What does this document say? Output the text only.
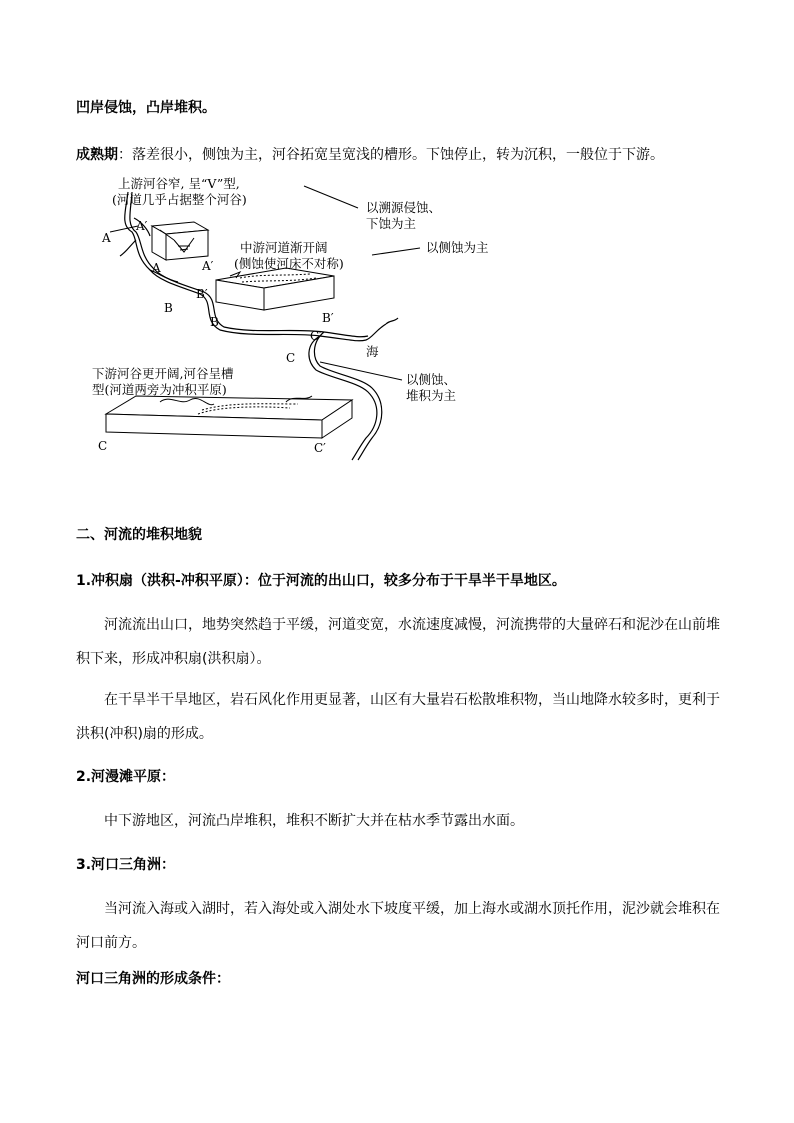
凹岸侵蚀，凸岸堆积。
成熟期：落差很小，侧蚀为主，河谷拓宽呈宽浅的槽形。下蚀停止，转为沉积，一般位于下游。
上游河谷窄, 呈“V”型,
(河道几乎占据整个河谷)
以溯源侵蚀、
下蚀为主
中游河道渐开阔
(侧蚀使河床不对称)
以侧蚀为主
下游河谷更开阔,河谷呈槽
型(河道两旁为冲积平原)
以侧蚀、
堆积为主
海
A
A′
A	A′
B′
B
B	B′
C′
C
C	C′
二、河流的堆积地貌
1.冲积扇（洪积-冲积平原）：位于河流的出山口，较多分布于干旱半干旱地区。
河流流出山口，地势突然趋于平缓，河道变宽，水流速度减慢，河流携带的大量碎石和泥沙在山前堆积下来，形成冲积扇(洪积扇）。
在干旱半干旱地区，岩石风化作用更显著，山区有大量岩石松散堆积物，当山地降水较多时，更利于洪积(冲积)扇的形成。
2.河漫滩平原：
中下游地区，河流凸岸堆积，堆积不断扩大并在枯水季节露出水面。
3.河口三角洲：
当河流入海或入湖时，若入海处或入湖处水下坡度平缓，加上海水或湖水顶托作用，泥沙就会堆积在河口前方。
河口三角洲的形成条件：
